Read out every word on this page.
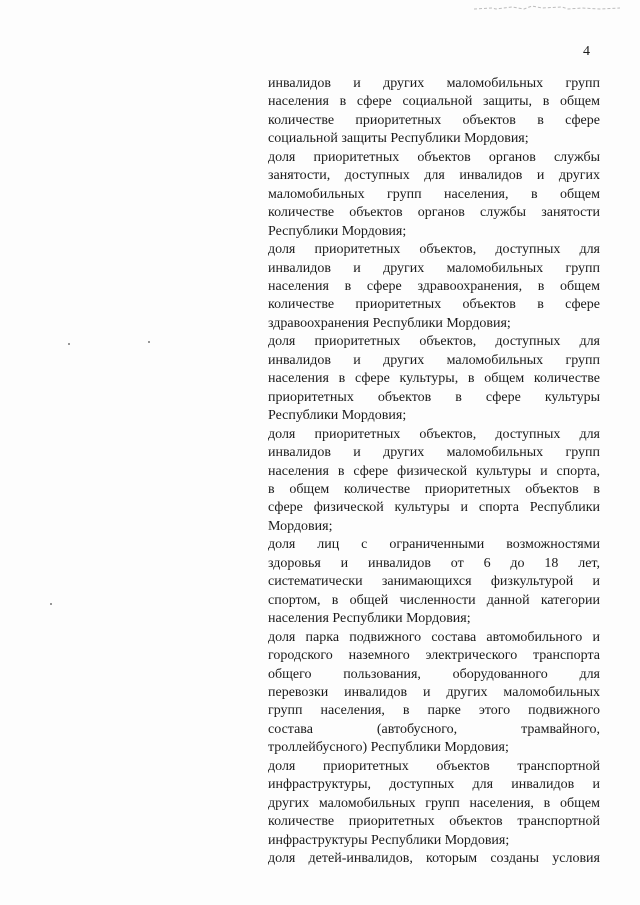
4
инвалидов и других маломобильных групп
населения в сфере социальной защиты, в общем
количестве приоритетных объектов в сфере
социальной защиты Республики Мордовия;
доля приоритетных объектов органов службы
занятости, доступных для инвалидов и других
маломобильных групп населения, в общем
количестве объектов органов службы занятости
Республики Мордовия;
доля приоритетных объектов, доступных для
инвалидов и других маломобильных групп
населения в сфере здравоохранения, в общем
количестве приоритетных объектов в сфере
здравоохранения Республики Мордовия;
доля приоритетных объектов, доступных для
инвалидов и других маломобильных групп
населения в сфере культуры, в общем количестве
приоритетных объектов в сфере культуры
Республики Мордовия;
доля приоритетных объектов, доступных для
инвалидов и других маломобильных групп
населения в сфере физической культуры и спорта,
в общем количестве приоритетных объектов в
сфере физической культуры и спорта Республики
Мордовия;
доля лиц с ограниченными возможностями
здоровья и инвалидов от 6 до 18 лет,
систематически занимающихся физкультурой и
спортом, в общей численности данной категории
населения Республики Мордовия;
доля парка подвижного состава автомобильного и
городского наземного электрического транспорта
общего пользования, оборудованного для
перевозки инвалидов и других маломобильных
групп населения, в парке этого подвижного
состава (автобусного, трамвайного,
троллейбусного) Республики Мордовия;
доля приоритетных объектов транспортной
инфраструктуры, доступных для инвалидов и
других маломобильных групп населения, в общем
количестве приоритетных объектов транспортной
инфраструктуры Республики Мордовия;
доля детей-инвалидов, которым созданы условия
